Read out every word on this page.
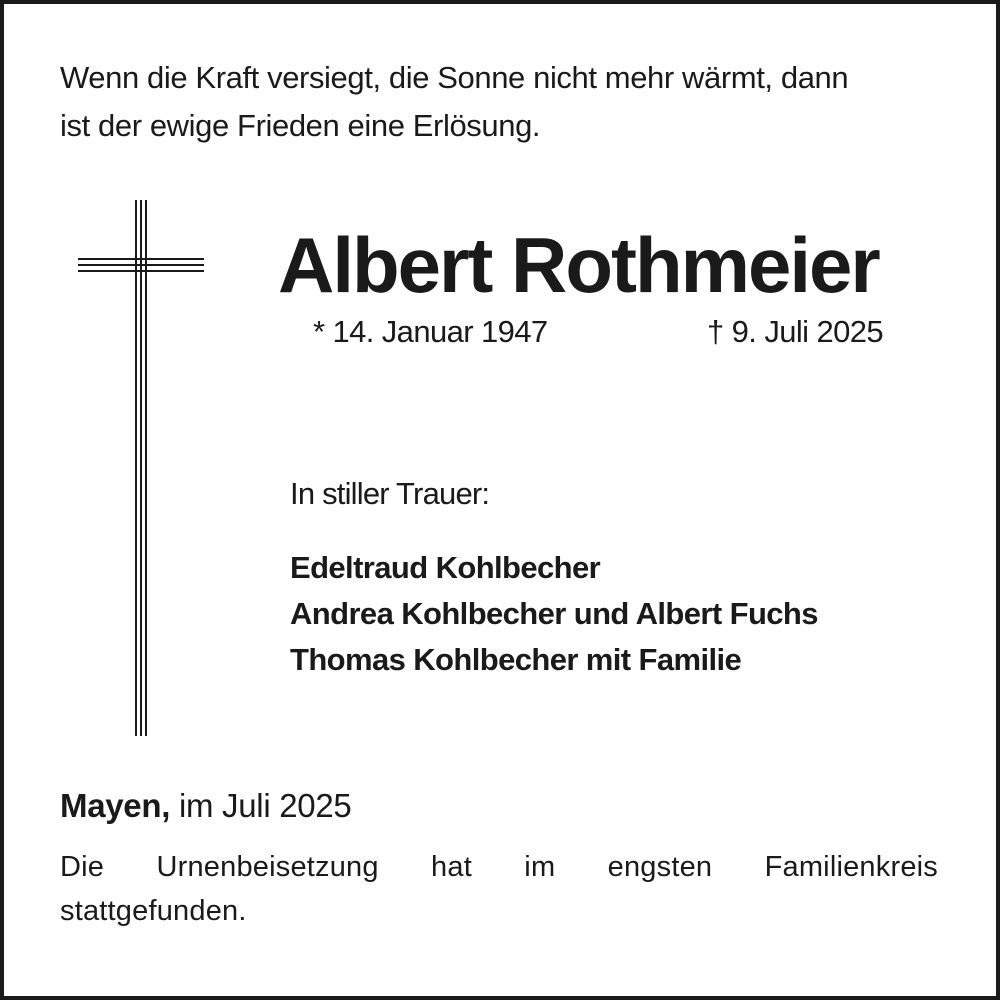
Wenn die Kraft versiegt, die Sonne nicht mehr wärmt, dann
ist der ewige Frieden eine Erlösung.
Albert Rothmeier
* 14. Januar 1947	† 9. Juli 2025
In stiller Trauer:
Edeltraud Kohlbecher
Andrea Kohlbecher und Albert Fuchs
Thomas Kohlbecher mit Familie
Mayen, im Juli 2025
Die Urnenbeisetzung hat im engsten Familienkreis
stattgefunden.
